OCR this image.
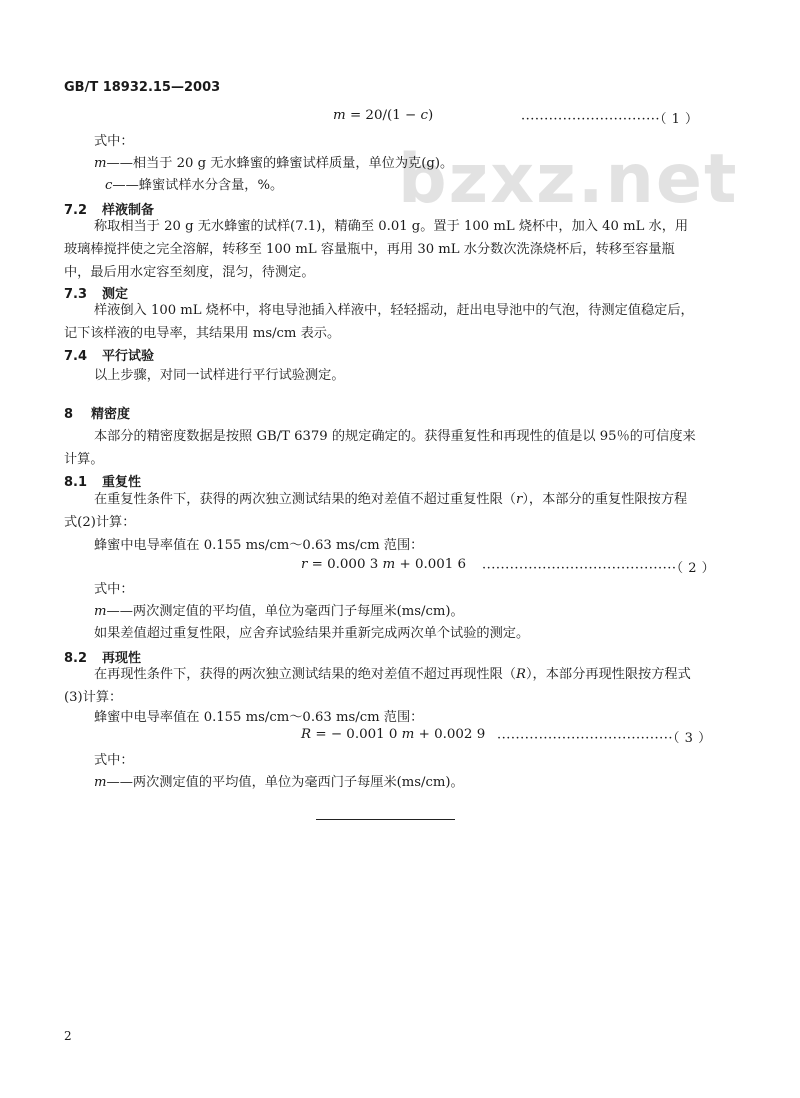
bzxz.net
GB/T 18932.15—2003
m = 20/(1 − c)	······························（ 1 ）
式中：
m——相当于 20 g 无水蜂蜜的蜂蜜试样质量，单位为克(g)。
c——蜂蜜试样水分含量，%。
7.2 样液制备
称取相当于 20 g 无水蜂蜜的试样(7.1)，精确至 0.01 g。置于 100 mL 烧杯中，加入 40 mL 水，用玻璃棒搅拌使之完全溶解，转移至 100 mL 容量瓶中，再用 30 mL 水分数次洗涤烧杯后，转移至容量瓶中，最后用水定容至刻度，混匀，待测定。
7.3 测定
样液倒入 100 mL 烧杯中，将电导池插入样液中，轻轻摇动，赶出电导池中的气泡，待测定值稳定后，记下该样液的电导率，其结果用 ms/cm 表示。
7.4 平行试验
以上步骤，对同一试样进行平行试验测定。
8 精密度
本部分的精密度数据是按照 GB/T 6379 的规定确定的。获得重复性和再现性的值是以 95％的可信度来计算。
8.1 重复性
在重复性条件下，获得的两次独立测试结果的绝对差值不超过重复性限（r），本部分的重复性限按方程式(2)计算：
蜂蜜中电导率值在 0.155 ms/cm～0.63 ms/cm 范围：
r = 0.000 3 m + 0.001 6 ··········································（ 2 ）
式中：
m——两次测定值的平均值，单位为毫西门子每厘米(ms/cm)。
如果差值超过重复性限，应舍弃试验结果并重新完成两次单个试验的测定。
8.2 再现性
在再现性条件下，获得的两次独立测试结果的绝对差值不超过再现性限（R），本部分再现性限按方程式(3)计算：
蜂蜜中电导率值在 0.155 ms/cm～0.63 ms/cm 范围：
R = − 0.001 0 m + 0.002 9 ······································（ 3 ）
式中：
m——两次测定值的平均值，单位为毫西门子每厘米(ms/cm)。
2
